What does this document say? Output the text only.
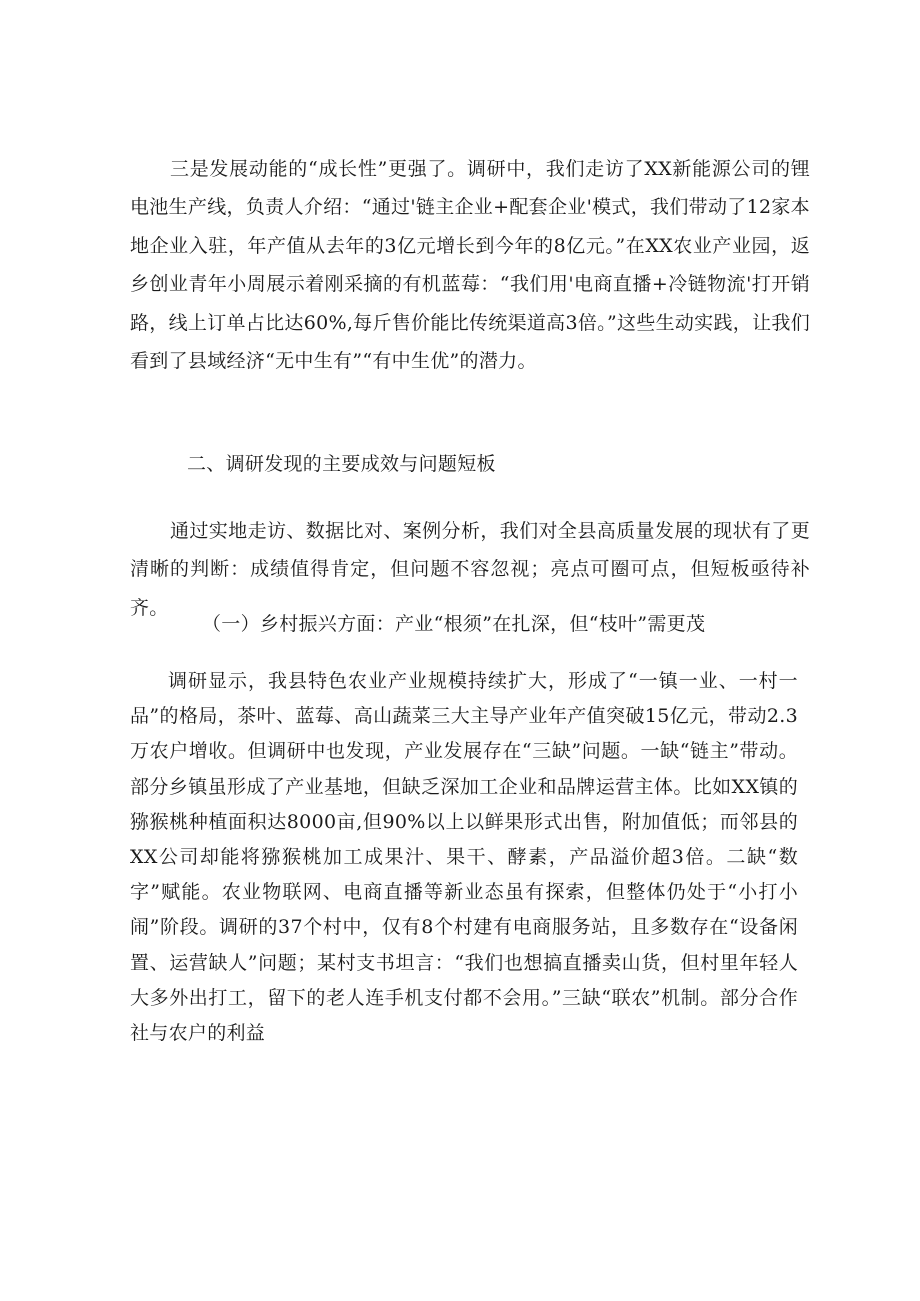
三是发展动能的“成长性”更强了。调研中，我们走访了XX新能源公司的锂电池生产线，负责人介绍：“通过'链主企业+配套企业'模式，我们带动了12家本地企业入驻，年产值从去年的3亿元增长到今年的8亿元。”在XX农业产业园，返乡创业青年小周展示着刚采摘的有机蓝莓：“我们用'电商直播+冷链物流'打开销路，线上订单占比达60%,每斤售价能比传统渠道高3倍。”这些生动实践，让我们看到了县域经济“无中生有”“有中生优”的潜力。

二、调研发现的主要成效与问题短板

通过实地走访、数据比对、案例分析，我们对全县高质量发展的现状有了更清晰的判断：成绩值得肯定，但问题不容忽视；亮点可圈可点，但短板亟待补齐。

（一）乡村振兴方面：产业“根须”在扎深，但“枝叶”需更茂

调研显示，我县特色农业产业规模持续扩大，形成了“一镇一业、一村一品”的格局，茶叶、蓝莓、高山蔬菜三大主导产业年产值突破15亿元，带动2.3万农户增收。但调研中也发现，产业发展存在“三缺”问题。一缺“链主”带动。部分乡镇虽形成了产业基地，但缺乏深加工企业和品牌运营主体。比如XX镇的猕猴桃种植面积达8000亩,但90%以上以鲜果形式出售，附加值低；而邻县的XX公司却能将猕猴桃加工成果汁、果干、酵素，产品溢价超3倍。二缺“数字”赋能。农业物联网、电商直播等新业态虽有探索，但整体仍处于“小打小闹”阶段。调研的37个村中，仅有8个村建有电商服务站，且多数存在“设备闲置、运营缺人”问题；某村支书坦言：“我们也想搞直播卖山货，但村里年轻人大多外出打工，留下的老人连手机支付都不会用。”三缺“联农”机制。部分合作社与农户的利益
